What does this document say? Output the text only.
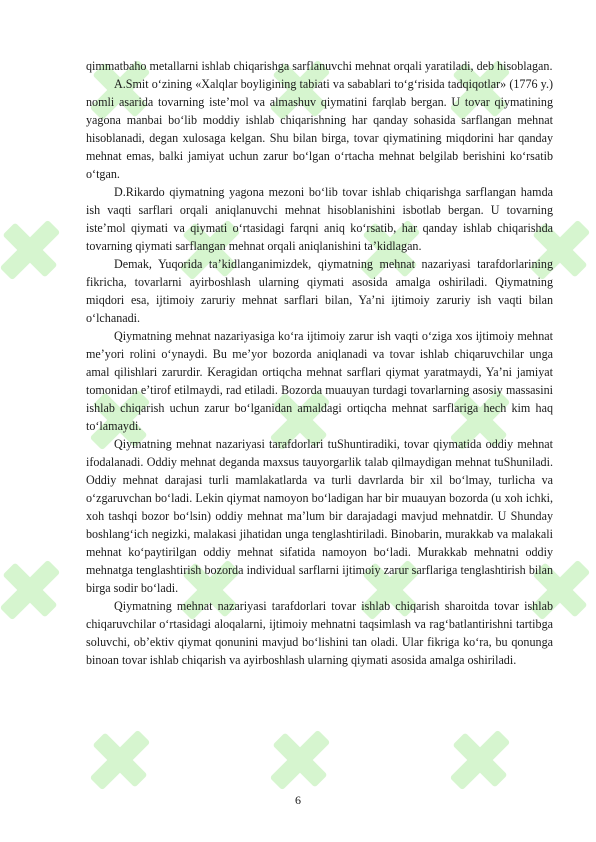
qimmatbaho metallarni ishlab chiqarishga sarflanuvchi mehnat orqali yaratiladi, deb hisoblagan.

A.Smit o‘zining «Xalqlar boyligining tabiati va sabablari to‘g‘risida tadqiqotlar» (1776 y.) nomli asarida tovarning iste’mol va almashuv qiymatini farqlab bergan. U tovar qiymatining yagona manbai bo‘lib moddiy ishlab chiqarishning har qanday sohasida sarflangan mehnat hisoblanadi, degan xulosaga kelgan. Shu bilan birga, tovar qiymatining miqdorini har qanday mehnat emas, balki jamiyat uchun zarur bo‘lgan o‘rtacha mehnat belgilab berishini ko‘rsatib o‘tgan.

D.Rikardo qiymatning yagona mezoni bo‘lib tovar ishlab chiqarishga sarflangan hamda ish vaqti sarflari orqali aniqlanuvchi mehnat hisoblanishini isbotlab bergan. U tovarning iste’mol qiymati va qiymati o‘rtasidagi farqni aniq ko‘rsatib, har qanday ishlab chiqarishda tovarning qiymati sarflangan mehnat orqali aniqlanishini ta’kidlagan.

Demak, Yuqorida ta’kidlanganimizdek, qiymatning mehnat nazariyasi tarafdorlarining fikricha, tovarlarni ayirboshlash ularning qiymati asosida amalga oshiriladi. Qiymatning miqdori esa, ijtimoiy zaruriy mehnat sarflari bilan, Ya’ni ijtimoiy zaruriy ish vaqti bilan o‘lchanadi.

Qiymatning mehnat nazariyasiga ko‘ra ijtimoiy zarur ish vaqti o‘ziga xos ijtimoiy mehnat me’yori rolini o‘ynaydi. Bu me’yor bozorda aniqlanadi va tovar ishlab chiqaruvchilar unga amal qilishlari zarurdir. Keragidan ortiqcha mehnat sarflari qiymat yaratmaydi, Ya’ni jamiyat tomonidan e’tirof etilmaydi, rad etiladi. Bozorda muauyan turdagi tovarlarning asosiy massasini ishlab chiqarish uchun zarur bo‘lganidan amaldagi ortiqcha mehnat sarflariga hech kim haq to‘lamaydi.

Qiymatning mehnat nazariyasi tarafdorlari tuShuntiradiki, tovar qiymatida oddiy mehnat ifodalanadi. Oddiy mehnat deganda maxsus tauyorgarlik talab qilmaydigan mehnat tuShuniladi. Oddiy mehnat darajasi turli mamlakatlarda va turli davrlarda bir xil bo‘lmay, turlicha va o‘zgaruvchan bo‘ladi. Lekin qiymat namoyon bo‘ladigan har bir muauyan bozorda (u xoh ichki, xoh tashqi bozor bo‘lsin) oddiy mehnat ma’lum bir darajadagi mavjud mehnatdir. U Shunday boshlang‘ich negizki, malakasi jihatidan unga tenglashtiriladi. Binobarin, murakkab va malakali mehnat ko‘paytirilgan oddiy mehnat sifatida namoyon bo‘ladi. Murakkab mehnatni oddiy mehnatga tenglashtirish bozorda individual sarflarni ijtimoiy zarur sarflariga tenglashtirish bilan birga sodir bo‘ladi.

Qiymatning mehnat nazariyasi tarafdorlari tovar ishlab chiqarish sharoitda tovar ishlab chiqaruvchilar o‘rtasidagi aloqalarni, ijtimoiy mehnatni taqsimlash va rag‘batlantirishni tartibga soluvchi, ob’ektiv qiymat qonunini mavjud bo‘lishini tan oladi. Ular fikriga ko‘ra, bu qonunga binoan tovar ishlab chiqarish va ayirboshlash ularning qiymati asosida amalga oshiriladi.

6
